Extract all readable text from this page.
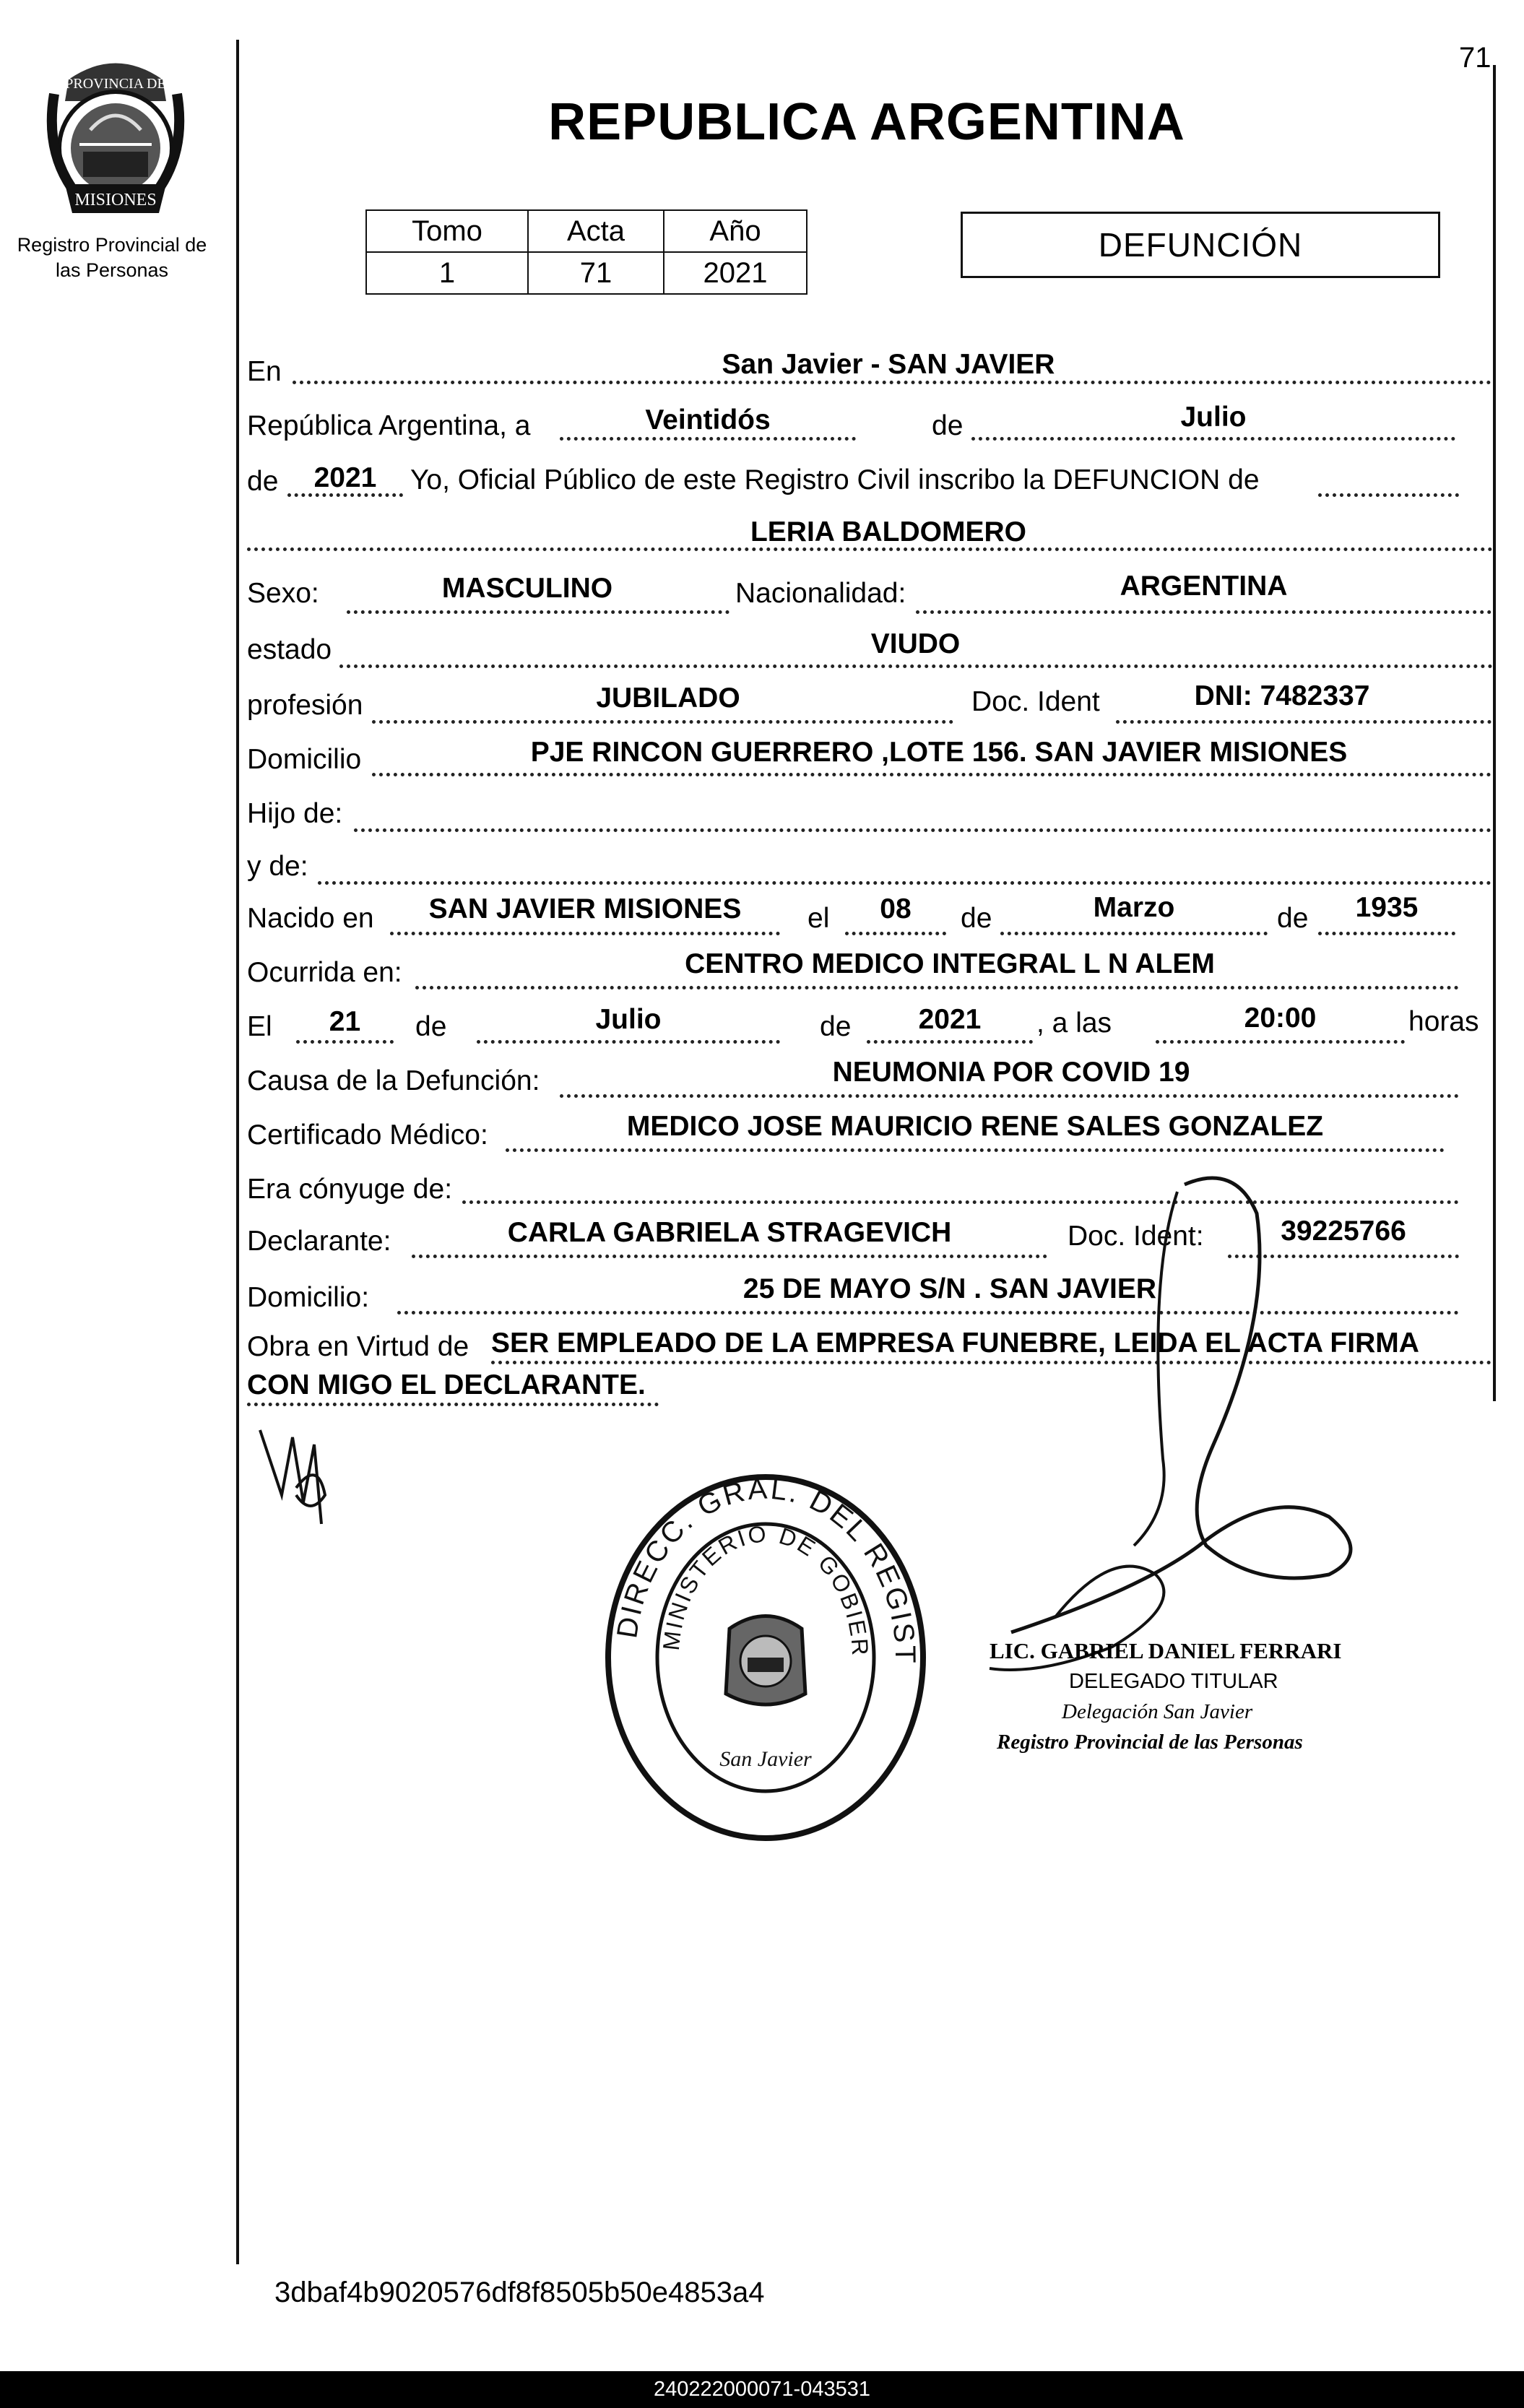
71
PROVINCIA DE
MISIONES
Registro Provincial de
las Personas
REPUBLICA ARGENTINA
Tomo	Acta	Año
1	71	2021
DEFUNCIÓN
En	San Javier - SAN JAVIER
República Argentina, a	Veintidós	de	Julio
de	2021	Yo, Oficial Público de este Registro Civil inscribo la DEFUNCION de
LERIA BALDOMERO
Sexo:	MASCULINO	Nacionalidad:	ARGENTINA
estado	VIUDO
profesión	JUBILADO	Doc. Ident	DNI: 7482337
Domicilio	PJE RINCON GUERRERO ,LOTE 156. SAN JAVIER MISIONES
Hijo de:
y de:
Nacido en	SAN JAVIER MISIONES	el	08	de	Marzo	de	1935
Ocurrida en:	CENTRO MEDICO INTEGRAL L N ALEM
El	21	de	Julio	de	2021	, a las	20:00	horas
Causa de la Defunción:	NEUMONIA POR COVID 19
Certificado Médico:	MEDICO JOSE MAURICIO RENE SALES GONZALEZ
Era cónyuge de:
Declarante:	CARLA GABRIELA STRAGEVICH	Doc. Ident:	39225766
Domicilio:	25 DE MAYO S/N . SAN JAVIER
Obra en Virtud de SER EMPLEADO DE LA EMPRESA FUNEBRE, LEIDA EL ACTA FIRMA
CON MIGO EL DECLARANTE.
DIRECC. GRAL. DEL REGIST
MINISTERIO DE GOBIER
San Javier
LIC. GABRIEL DANIEL FERRARI
DELEGADO TITULAR
Delegación San Javier
Registro Provincial de las Personas
3dbaf4b9020576df8f8505b50e4853a4
240222000071-043531
